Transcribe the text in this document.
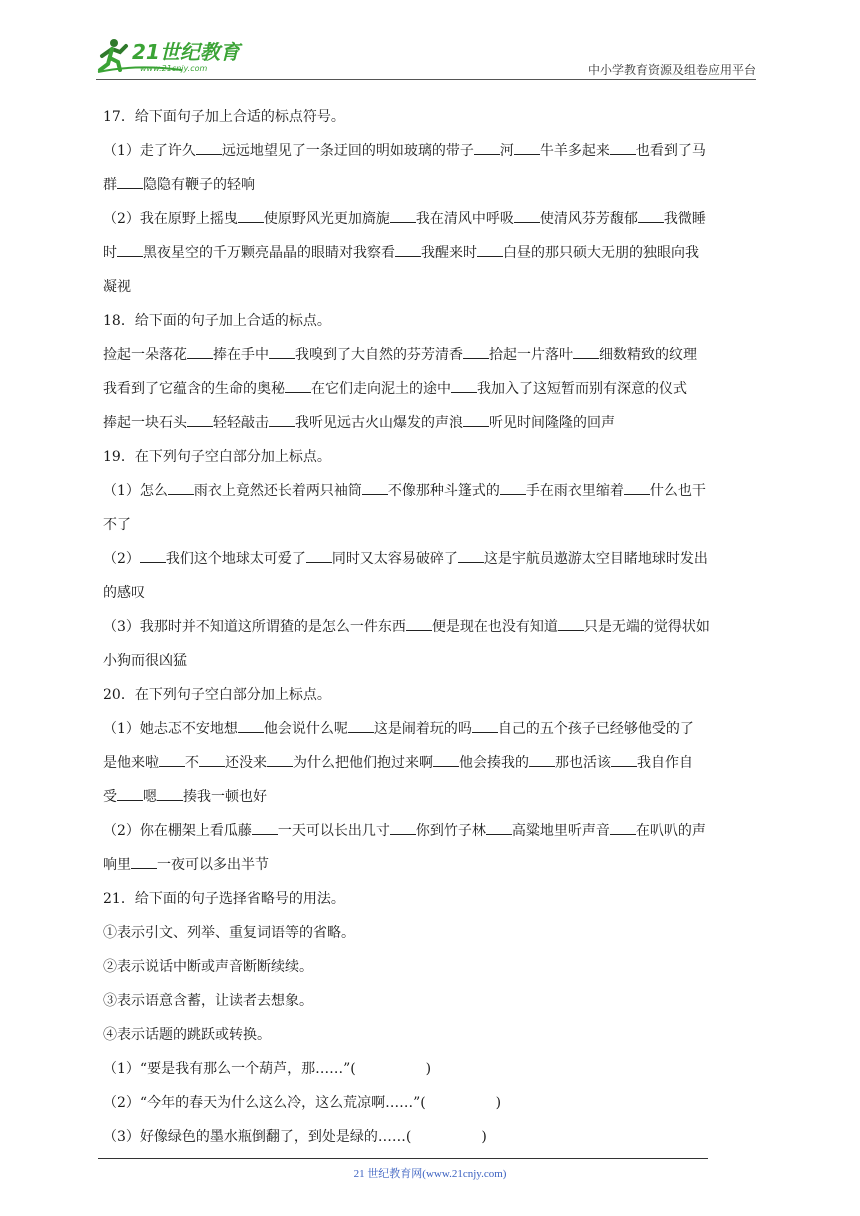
21世纪教育
www.21cnjy.com	中小学教育资源及组卷应用平台
17．给下面句子加上合适的标点符号。
（1）走了许久 远远地望见了一条迂回的明如玻璃的带子 河 牛羊多起来 也看到了马
群 隐隐有鞭子的轻响
（2）我在原野上摇曳 使原野风光更加旖旎 我在清风中呼吸 使清风芬芳馥郁 我微睡
时 黑夜星空的千万颗亮晶晶的眼睛对我察看 我醒来时 白昼的那只硕大无朋的独眼向我
凝视
18．给下面的句子加上合适的标点。
捡起一朵落花 捧在手中 我嗅到了大自然的芬芳清香 拾起一片落叶 细数精致的纹理
我看到了它蕴含的生命的奥秘 在它们走向泥土的途中 我加入了这短暂而别有深意的仪式
捧起一块石头 轻轻敲击 我听见远古火山爆发的声浪 听见时间隆隆的回声
19．在下列句子空白部分加上标点。
（1）怎么 雨衣上竟然还长着两只袖筒 不像那种斗篷式的 手在雨衣里缩着 什么也干
不了
（2） 我们这个地球太可爱了 同时又太容易破碎了 这是宇航员遨游太空目睹地球时发出
的感叹
（3）我那时并不知道这所谓猹的是怎么一件东西 便是现在也没有知道 只是无端的觉得状如
小狗而很凶猛
20．在下列句子空白部分加上标点。
（1）她忐忑不安地想 他会说什么呢 这是闹着玩的吗 自己的五个孩子已经够他受的了
是他来啦 不 还没来 为什么把他们抱过来啊 他会揍我的 那也活该 我自作自
受 嗯 揍我一顿也好
（2）你在棚架上看瓜藤 一天可以长出几寸 你到竹子林 高粱地里听声音 在叭叭的声
响里 一夜可以多出半节
21．给下面的句子选择省略号的用法。
①表示引文、列举、重复词语等的省略。
②表示说话中断或声音断断续续。
③表示语意含蓄，让读者去想象。
④表示话题的跳跃或转换。
（1）“要是我有那么一个葫芦，那……”(　　　　　)
（2）“今年的春天为什么这么冷，这么荒凉啊……”(　　　　　)
（3）好像绿色的墨水瓶倒翻了，到处是绿的……(　　　　　)
21 世纪教育网(www.21cnjy.com)
